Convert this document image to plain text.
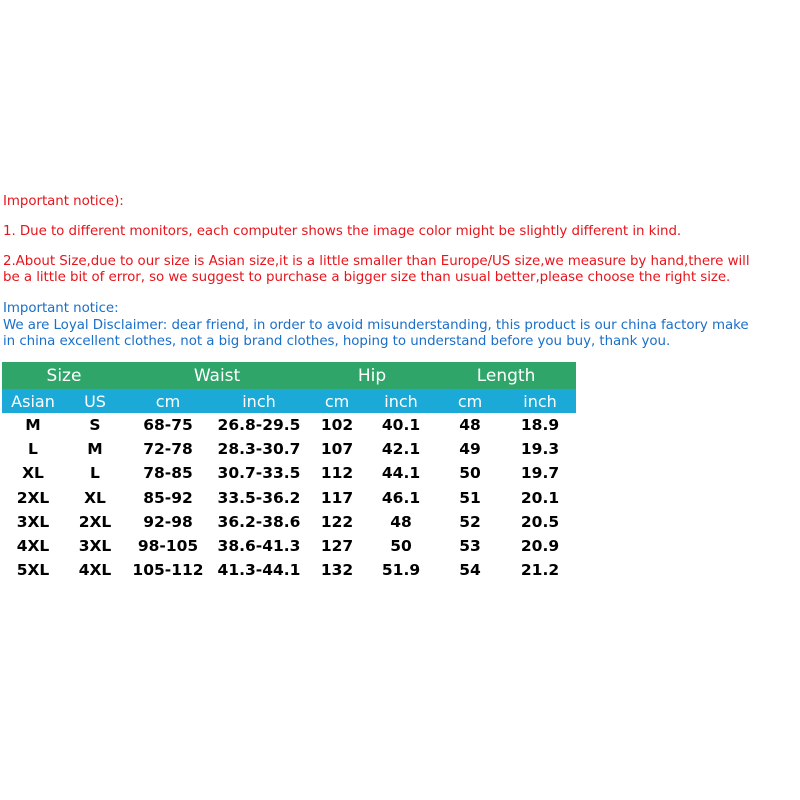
Important notice):
1. Due to different monitors, each computer shows the image color might be slightly different in kind.
2.About Size,due to our size is Asian size,it is a little smaller than Europe/US size,we measure by hand,there will
be a little bit of error, so we suggest to purchase a bigger size than usual better,please choose the right size.
Important notice:
We are Loyal Disclaimer: dear friend, in order to avoid misunderstanding, this product is our china factory make
in china excellent clothes, not a big brand clothes, hoping to understand before you buy, thank you.
Size		Waist		Hip		Length	
Asian	US	cm	inch	cm	inch	cm	inch
M	S	68-75	26.8-29.5	102	40.1	48	18.9
L	M	72-78	28.3-30.7	107	42.1	49	19.3
XL	L	78-85	30.7-33.5	112	44.1	50	19.7
2XL	XL	85-92	33.5-36.2	117	46.1	51	20.1
3XL	2XL	92-98	36.2-38.6	122	48	52	20.5
4XL	3XL	98-105	38.6-41.3	127	50	53	20.9
5XL	4XL	105-112	41.3-44.1	132	51.9	54	21.2
